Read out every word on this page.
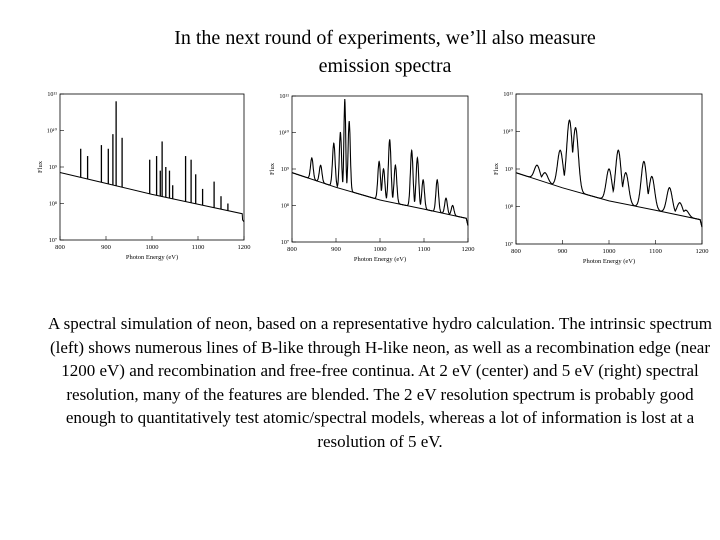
In the next round of experiments, we’ll also measure
emission spectra
800	900	1000	1100	1200
10¹¹
10¹⁰
10⁹
10⁸
10⁷
Photon Energy (eV)
Flux
800	900	1000	1100	1200
10¹¹
10¹⁰
10⁹
10⁸
10⁷
Photon Energy (eV)
Flux
800	900	1000	1100	1200
10¹¹
10¹⁰
10⁹
10⁸
10⁷
Photon Energy (eV)
Flux
A spectral simulation of neon, based on a representative hydro calculation. The intrinsic spectrum (left) shows numerous lines of B-like through H-like neon, as well as a recombination edge (near 1200 eV) and recombination and free-free continua. At 2 eV (center) and 5 eV (right) spectral resolution, many of the features are blended. The 2 eV resolution spectrum is probably good enough to quantitatively test atomic/spectral models, whereas a lot of information is lost at a resolution of 5 eV.
